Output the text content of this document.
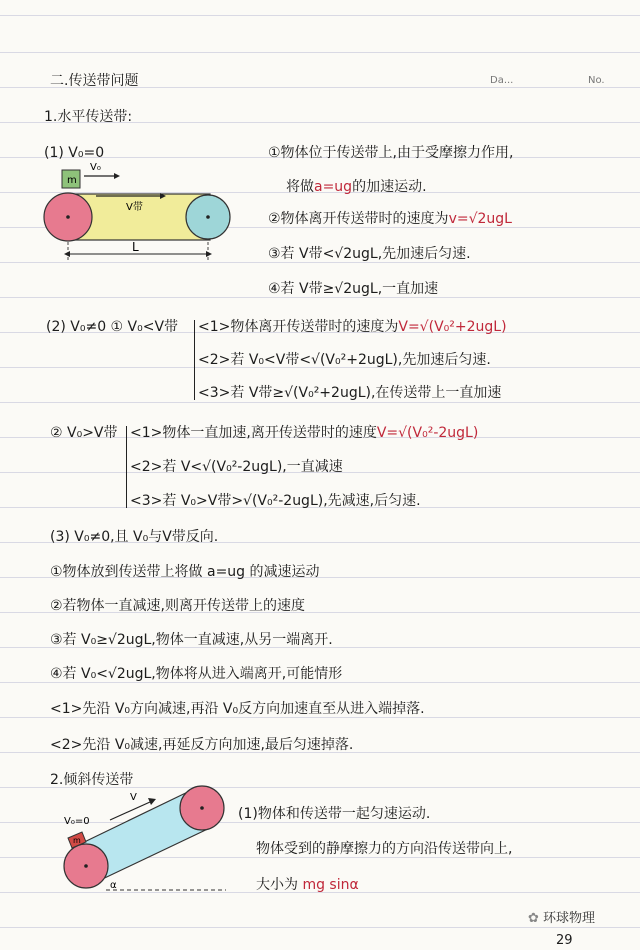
二.传送带问题	Da...	No.
1.水平传送带:
(1) V₀=0
m
V₀
V带
L
①物体位于传送带上,由于受摩擦力作用,
将做a=ug的加速运动.
②物体离开传送带时的速度为v=√2ugL
③若 V带<√2ugL,先加速后匀速.
④若 V带≥√2ugL,一直加速
(2) V₀≠0 ① V₀<V带 <1>物体离开传送带时的速度为V=√(V₀²+2ugL)
<2>若 V₀<V带<√(V₀²+2ugL),先加速后匀速.
<3>若 V带≥√(V₀²+2ugL),在传送带上一直加速
② V₀>V带 <1>物体一直加速,离开传送带时的速度V=√(V₀²-2ugL)
<2>若 V<√(V₀²-2ugL),一直减速
<3>若 V₀>V带>√(V₀²-2ugL),先减速,后匀速.
(3) V₀≠0,且 V₀与V带反向.
①物体放到传送带上将做 a=ug 的减速运动
②若物体一直减速,则离开传送带上的速度
③若 V₀≥√2ugL,物体一直减速,从另一端离开.
④若 V₀<√2ugL,物体将从进入端离开,可能情形
<1>先沿 V₀方向减速,再沿 V₀反方向加速直至从进入端掉落.
<2>先沿 V₀减速,再延反方向加速,最后匀速掉落.
2.倾斜传送带
m
V₀=0
V
α
(1)物体和传送带一起匀速运动.
物体受到的静摩擦力的方向沿传送带向上,
大小为 mg sinα
✿ 环球物理
29
